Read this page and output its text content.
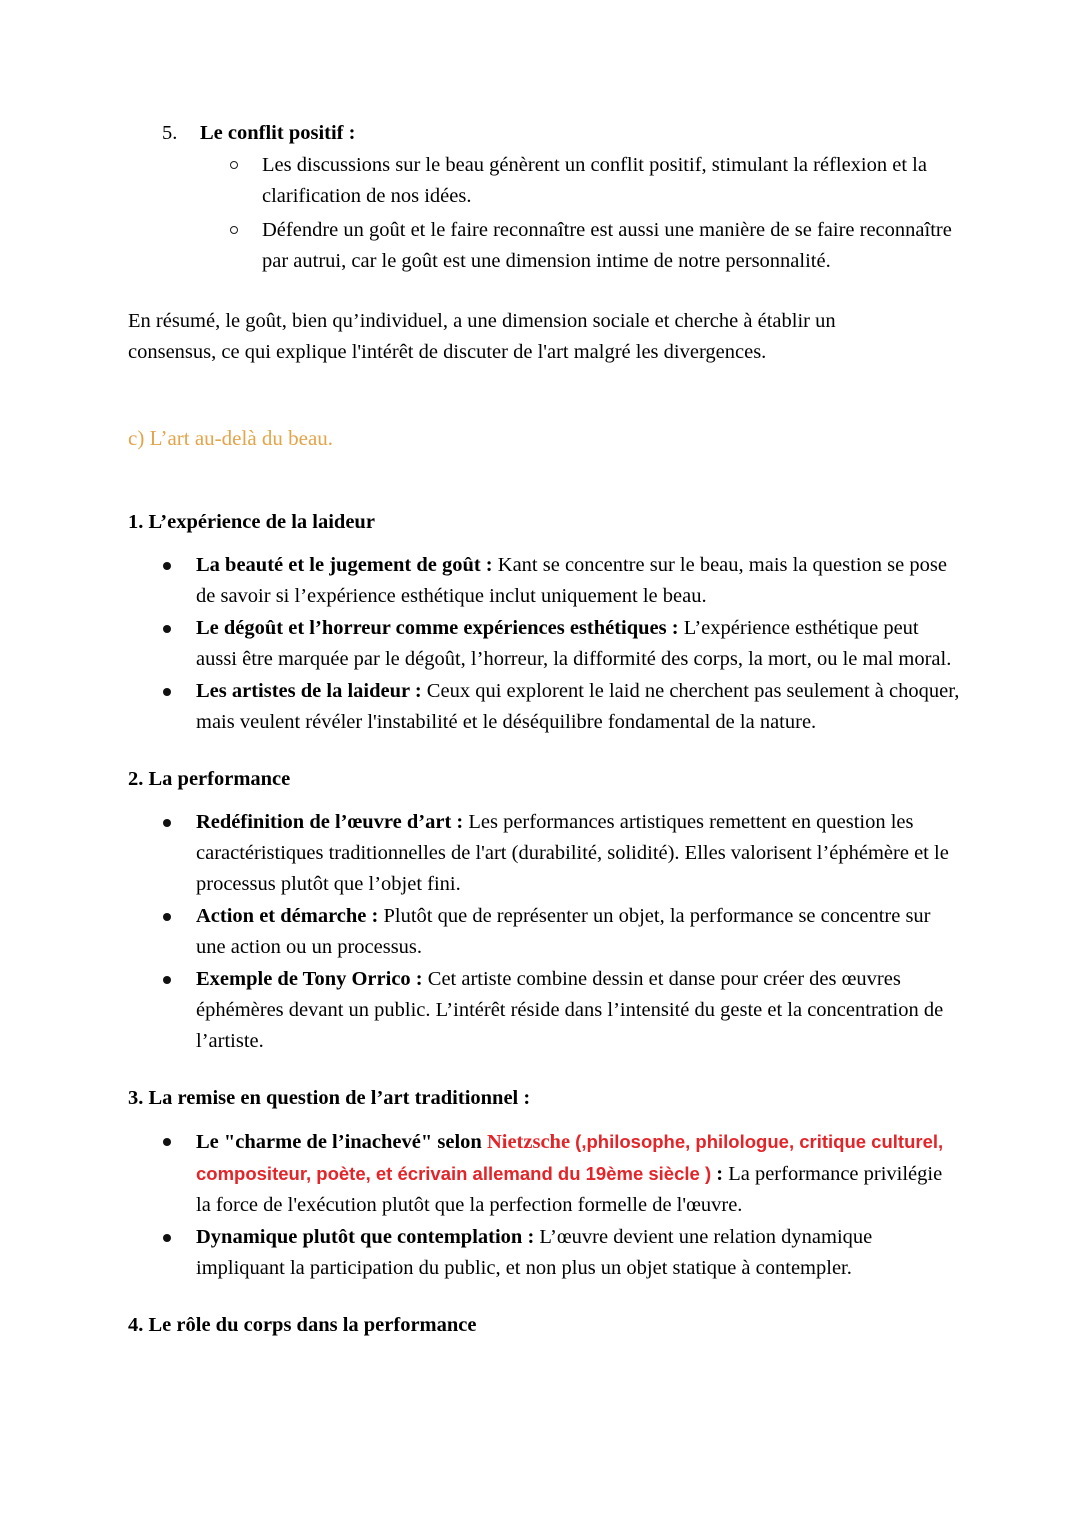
5. Le conflit positif :
Les discussions sur le beau génèrent un conflit positif, stimulant la réflexion et la clarification de nos idées.
Défendre un goût et le faire reconnaître est aussi une manière de se faire reconnaître par autrui, car le goût est une dimension intime de notre personnalité.

En résumé, le goût, bien qu’individuel, a une dimension sociale et cherche à établir un consensus, ce qui explique l'intérêt de discuter de l'art malgré les divergences.

c) L’art au-delà du beau.

1. L’expérience de la laideur

La beauté et le jugement de goût : Kant se concentre sur le beau, mais la question se pose de savoir si l’expérience esthétique inclut uniquement le beau.
Le dégoût et l’horreur comme expériences esthétiques : L’expérience esthétique peut aussi être marquée par le dégoût, l’horreur, la difformité des corps, la mort, ou le mal moral.
Les artistes de la laideur : Ceux qui explorent le laid ne cherchent pas seulement à choquer, mais veulent révéler l'instabilité et le déséquilibre fondamental de la nature.

2. La performance

Redéfinition de l’œuvre d’art : Les performances artistiques remettent en question les caractéristiques traditionnelles de l'art (durabilité, solidité). Elles valorisent l’éphémère et le processus plutôt que l’objet fini.
Action et démarche : Plutôt que de représenter un objet, la performance se concentre sur une action ou un processus.
Exemple de Tony Orrico : Cet artiste combine dessin et danse pour créer des œuvres éphémères devant un public. L’intérêt réside dans l’intensité du geste et la concentration de l’artiste.

3. La remise en question de l’art traditionnel :

Le "charme de l’inachevé" selon Nietzsche (,philosophe, philologue, critique culturel, compositeur, poète, et écrivain allemand du 19ème siècle ) : La performance privilégie la force de l'exécution plutôt que la perfection formelle de l'œuvre.
Dynamique plutôt que contemplation : L’œuvre devient une relation dynamique impliquant la participation du public, et non plus un objet statique à contempler.

4. Le rôle du corps dans la performance
